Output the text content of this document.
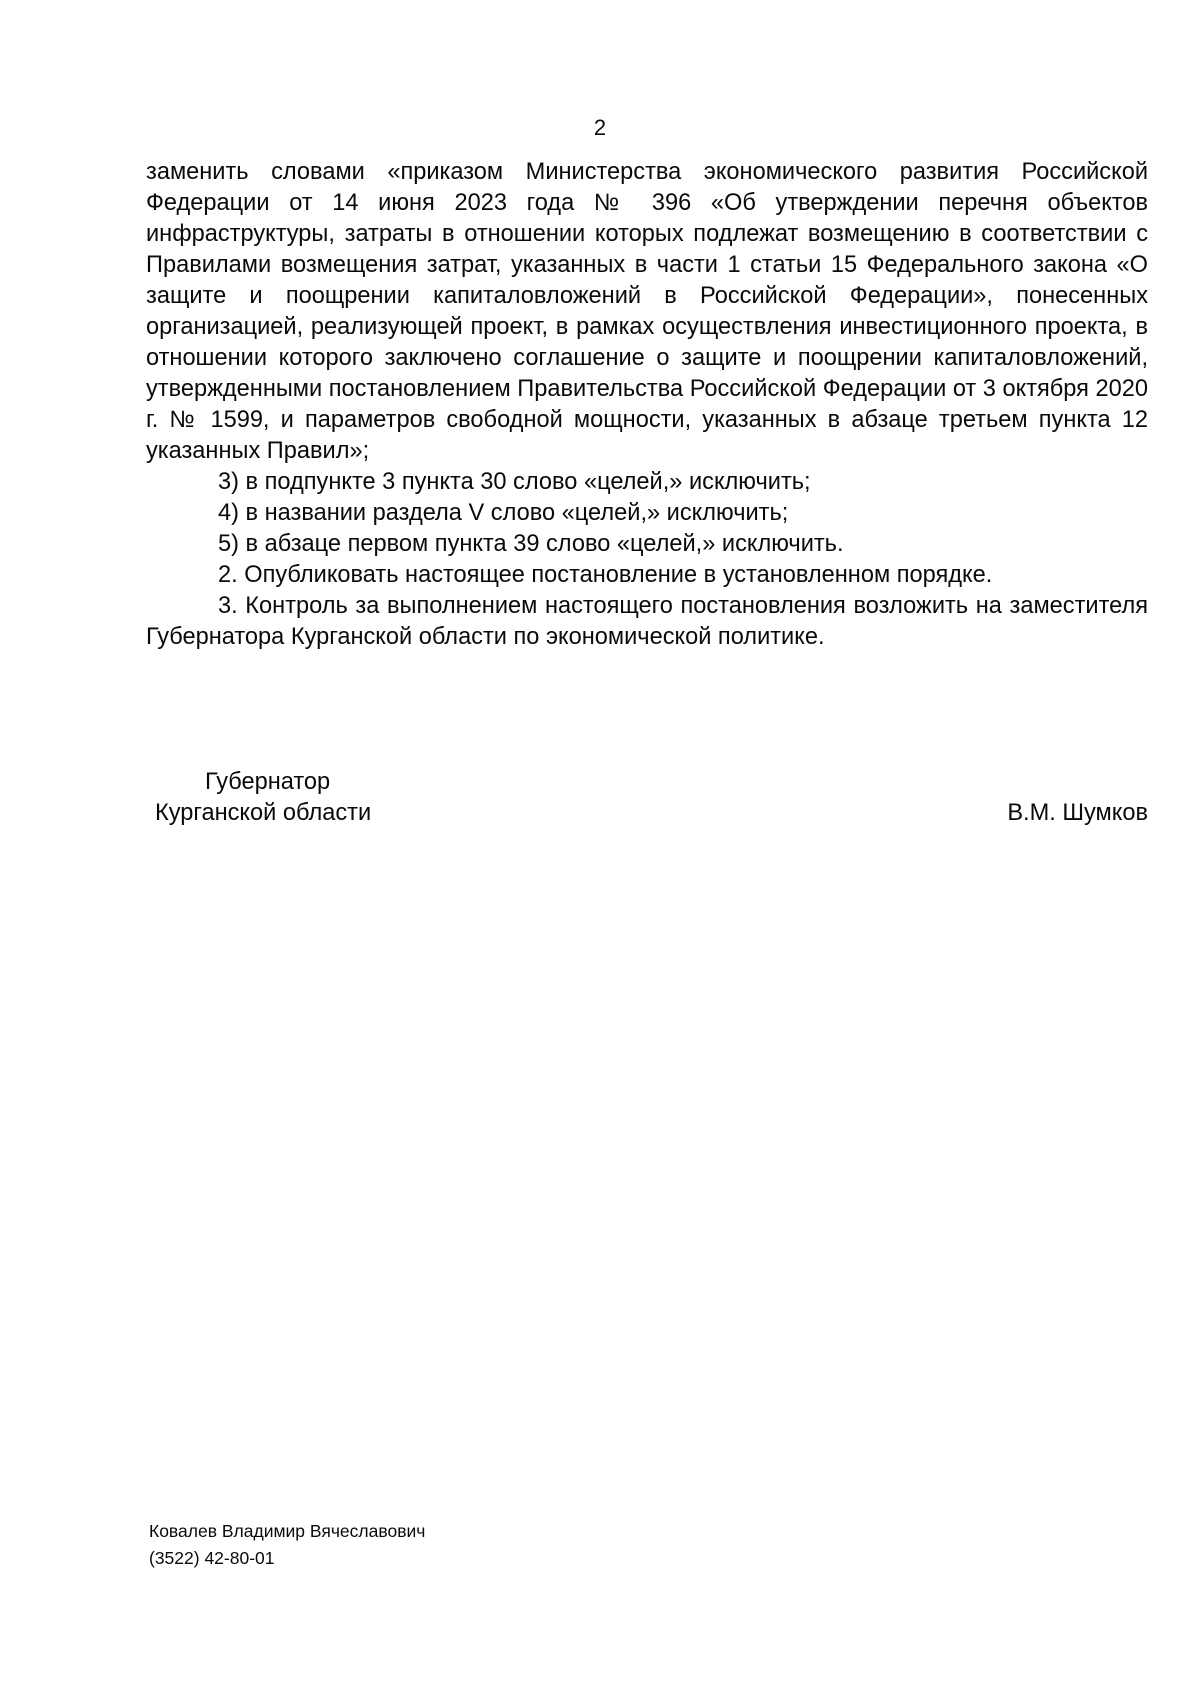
2

заменить словами «приказом Министерства экономического развития Российской Федерации от 14 июня 2023 года № 396 «Об утверждении перечня объектов инфраструктуры, затраты в отношении которых подлежат возмещению в соответствии с Правилами возмещения затрат, указанных в части 1 статьи 15 Федерального закона «О защите и поощрении капиталовложений в Российской Федерации», понесенных организацией, реализующей проект, в рамках осуществления инвестиционного проекта, в отношении которого заключено соглашение о защите и поощрении капиталовложений, утвержденными постановлением Правительства Российской Федерации от 3 октября 2020 г. № 1599, и параметров свободной мощности, указанных в абзаце третьем пункта 12 указанных Правил»;

3) в подпункте 3 пункта 30 слово «целей,» исключить;

4) в названии раздела V слово «целей,» исключить;

5) в абзаце первом пункта 39 слово «целей,» исключить.

2. Опубликовать настоящее постановление в установленном порядке.

3. Контроль за выполнением настоящего постановления возложить на заместителя Губернатора Курганской области по экономической политике.

Губернатор
Курганской области	В.М. Шумков
Ковалев Владимир Вячеславович
(3522) 42-80-01
